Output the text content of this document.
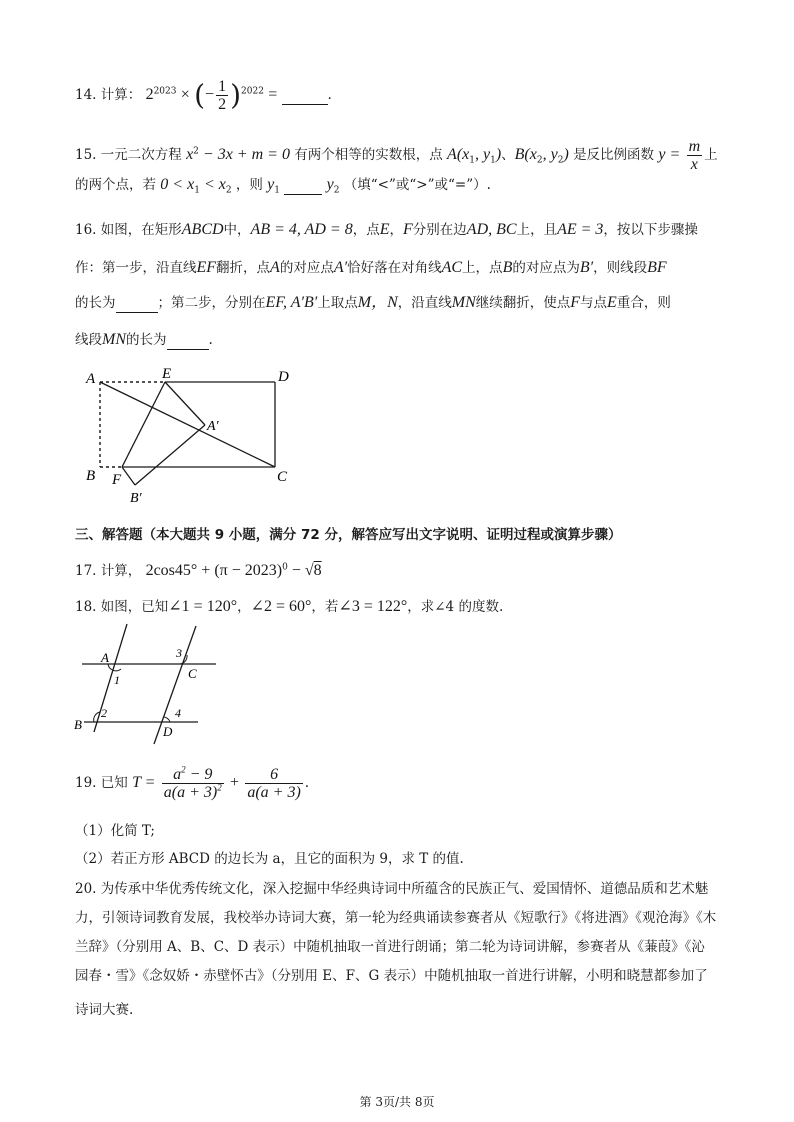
14. 计算： $2^{2023}$ × (− $\frac{1}{2} )^{2022}$ =	.
15. 一元二次方程 $x^2 - 3x + m = 0$ 有两个相等的实数根，点 $A(x_1$, $y_1$)、$B(x_2$, $y_2$) 是反比例函数 $y = \frac{m}{x}$ 上
的两个点，若 $0 < x_1 < x_2$ ，则 $y_1$	$y_2$ （填“<”或“>”或“=”）.
16. 如图，在矩形ABCD中，AB = 4, AD = 8，点E，F分别在边AD, BC上，且AE = 3，按以下步骤操
作：第一步，沿直线EF翻折，点A的对应点A′恰好落在对角线AC上，点B的对应点为B′，则线段BF
的长为	；第二步，分别在EF, A′B′上取点M，N，沿直线MN继续翻折，使点F与点E重合，则
线段MN的长为	.
A	E	D
A′
B F	C
B′
三、解答题（本大题共 9 小题，满分 72 分，解答应写出文字说明、证明过程或演算步骤）
17. 计算， $2\cos 45^\circ + (\pi - 2023)^0 - √8$
18. 如图，已知∠1 = 120°，∠2 = 60°，若∠3 = 122°，求∠4 的度数.
A
1
3
C
2	4
B	D
19. 已知 $T = \frac{a^2 - 9}{a(a + 3)^2} + \frac{6}{a(a + 3)}$ .
（1）化简 T;
（2）若正方形 ABCD 的边长为 a，且它的面积为 9，求 T 的值.
20. 为传承中华优秀传统文化，深入挖掘中华经典诗词中所蕴含的民族正气、爱国情怀、道德品质和艺术魅
力，引领诗词教育发展，我校举办诗词大赛，第一轮为经典诵读参赛者从《短歌行》《将进酒》《观沧海》《木
兰辞》（分别用 A、B、C、D 表示）中随机抽取一首进行朗诵；第二轮为诗词讲解，参赛者从《蒹葭》《沁
园春・雪》《念奴娇・赤壁怀古》（分别用 E、F、G 表示）中随机抽取一首进行讲解，小明和晓慧都参加了
诗词大赛.
第 3页/共 8页
